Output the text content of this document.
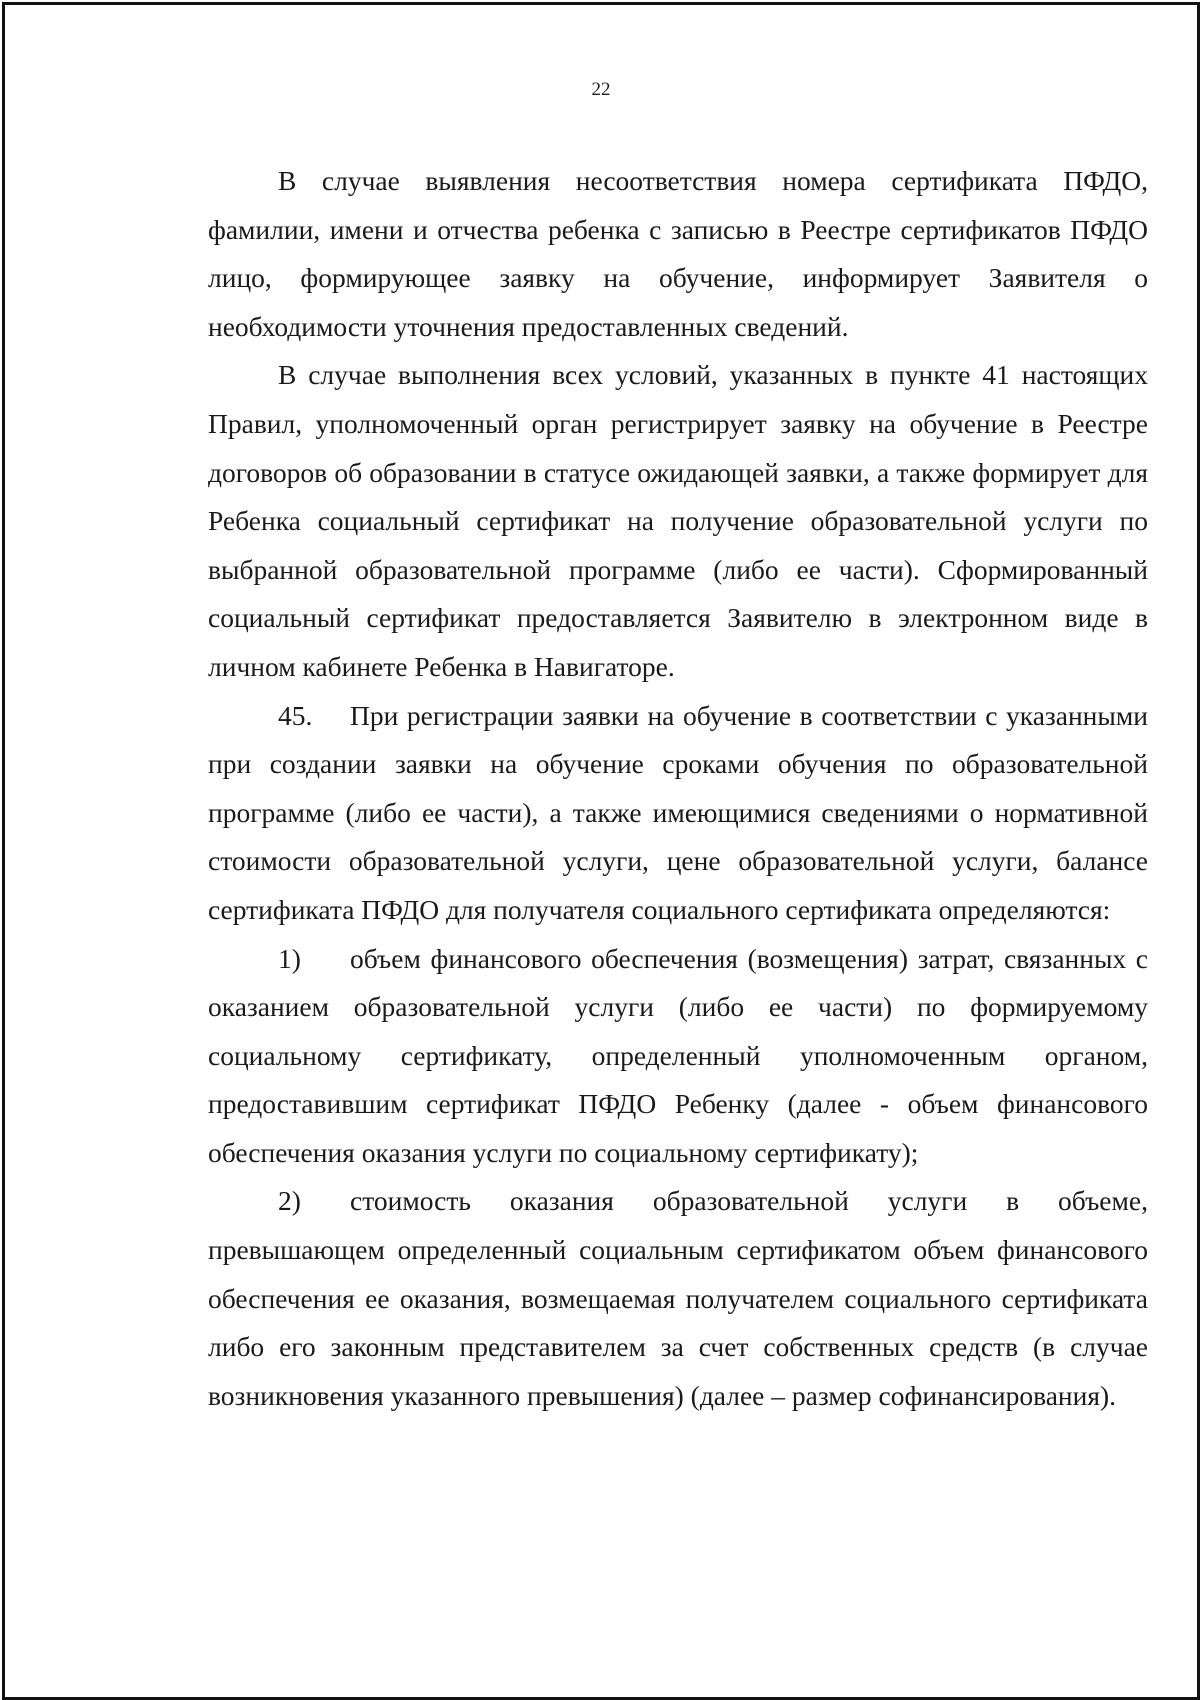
22

В случае выявления несоответствия номера сертификата ПФДО, фамилии, имени и отчества ребенка с записью в Реестре сертификатов ПФДО лицо, формирующее заявку на обучение, информирует Заявителя о необходимости уточнения предоставленных сведений.

В случае выполнения всех условий, указанных в пункте 41 настоящих Правил, уполномоченный орган регистрирует заявку на обучение в Реестре договоров об образовании в статусе ожидающей заявки, а также формирует для Ребенка социальный сертификат на получение образовательной услуги по выбранной образовательной программе (либо ее части). Сформированный социальный сертификат предоставляется Заявителю в электронном виде в личном кабинете Ребенка в Навигаторе.

45. При регистрации заявки на обучение в соответствии с указанными при создании заявки на обучение сроками обучения по образовательной программе (либо ее части), а также имеющимися сведениями о нормативной стоимости образовательной услуги, цене образовательной услуги, балансе сертификата ПФДО для получателя социального сертификата определяются:

1) объем финансового обеспечения (возмещения) затрат, связанных с оказанием образовательной услуги (либо ее части) по формируемому социальному сертификату, определенный уполномоченным органом, предоставившим сертификат ПФДО Ребенку (далее - объем финансового обеспечения оказания услуги по социальному сертификату);

2) стоимость оказания образовательной услуги в объеме, превышающем определенный социальным сертификатом объем финансового обеспечения ее оказания, возмещаемая получателем социального сертификата либо его законным представителем за счет собственных средств (в случае возникновения указанного превышения) (далее – размер софинансирования).
